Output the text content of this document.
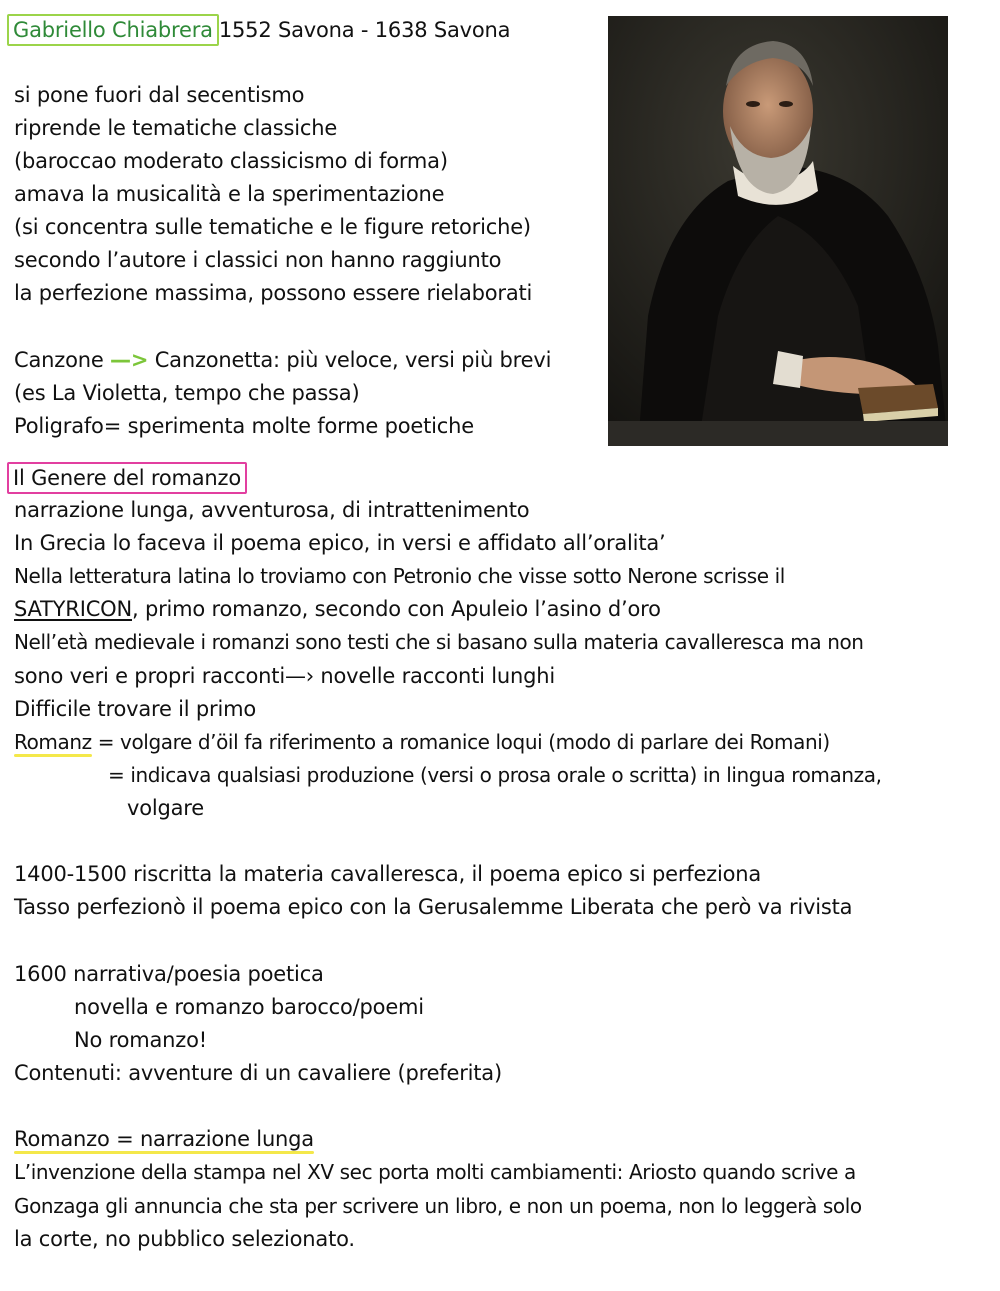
Gabriello Chiabrera 1552 Savona - 1638 Savona
si pone fuori dal secentismo
riprende le tematiche classiche
(baroccao moderato classicismo di forma)
amava la musicalità e la sperimentazione
(si concentra sulle tematiche e le figure retoriche)
secondo l’autore i classici non hanno raggiunto
la perfezione massima, possono essere rielaborati
Canzone —> Canzonetta: più veloce, versi più brevi
(es La Violetta, tempo che passa)
Poligrafo= sperimenta molte forme poetiche
Il Genere del romanzo
narrazione lunga, avventurosa, di intrattenimento
In Grecia lo faceva il poema epico, in versi e affidato all’oralita’
Nella letteratura latina lo troviamo con Petronio che visse sotto Nerone scrisse il
SATYRICON, primo romanzo, secondo con Apuleio l’asino d’oro
Nell’età medievale i romanzi sono testi che si basano sulla materia cavalleresca ma non
sono veri e propri racconti—› novelle racconti lunghi
Difficile trovare il primo
Romanz = volgare d’öil fa riferimento a romanice loqui (modo di parlare dei Romani)
= indicava qualsiasi produzione (versi o prosa orale o scritta) in lingua romanza,
volgare
1400-1500 riscritta la materia cavalleresca, il poema epico si perfeziona
Tasso perfezionò il poema epico con la Gerusalemme Liberata che però va rivista
1600 narrativa/poesia poetica
novella e romanzo barocco/poemi
No romanzo!
Contenuti: avventure di un cavaliere (preferita)
Romanzo = narrazione lunga
L’invenzione della stampa nel XV sec porta molti cambiamenti: Ariosto quando scrive a
Gonzaga gli annuncia che sta per scrivere un libro, e non un poema, non lo leggerà solo
la corte, no pubblico selezionato.
